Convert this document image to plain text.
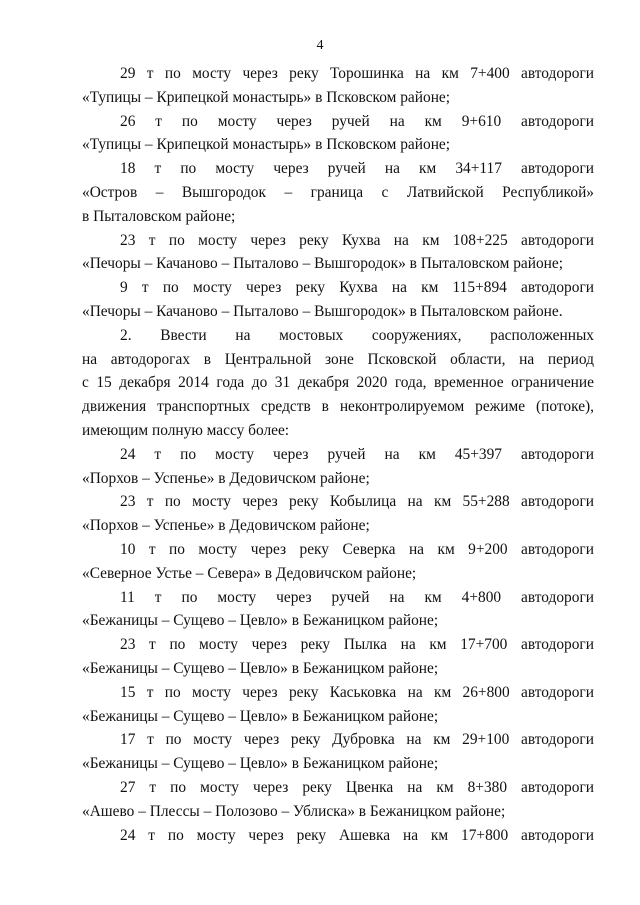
4
29 т по мосту через реку Торошинка на км 7+400 автодороги
«Тупицы – Крипецкой монастырь» в Псковском районе;
26 т по мосту через ручей на км 9+610 автодороги
«Тупицы – Крипецкой монастырь» в Псковском районе;
18 т по мосту через ручей на км 34+117 автодороги
«Остров – Вышгородок – граница с Латвийской Республикой»
в Пыталовском районе;
23 т по мосту через реку Кухва на км 108+225 автодороги
«Печоры – Качаново – Пыталово – Вышгородок» в Пыталовском районе;
9 т по мосту через реку Кухва на км 115+894 автодороги
«Печоры – Качаново – Пыталово – Вышгородок» в Пыталовском районе.
2. Ввести на мостовых сооружениях, расположенных
на автодорогах в Центральной зоне Псковской области, на период
с 15 декабря 2014 года до 31 декабря 2020 года, временное ограничение
движения транспортных средств в неконтролируемом режиме (потоке),
имеющим полную массу более:
24 т по мосту через ручей на км 45+397 автодороги
«Порхов – Успенье» в Дедовичском районе;
23 т по мосту через реку Кобылица на км 55+288 автодороги
«Порхов – Успенье» в Дедовичском районе;
10 т по мосту через реку Северка на км 9+200 автодороги
«Северное Устье – Севера» в Дедовичском районе;
11 т по мосту через ручей на км 4+800 автодороги
«Бежаницы – Сущево – Цевло» в Бежаницком районе;
23 т по мосту через реку Пылка на км 17+700 автодороги
«Бежаницы – Сущево – Цевло» в Бежаницком районе;
15 т по мосту через реку Каськовка на км 26+800 автодороги
«Бежаницы – Сущево – Цевло» в Бежаницком районе;
17 т по мосту через реку Дубровка на км 29+100 автодороги
«Бежаницы – Сущево – Цевло» в Бежаницком районе;
27 т по мосту через реку Цвенка на км 8+380 автодороги
«Ашево – Плессы – Полозово – Ублиска» в Бежаницком районе;
24 т по мосту через реку Ашевка на км 17+800 автодороги
